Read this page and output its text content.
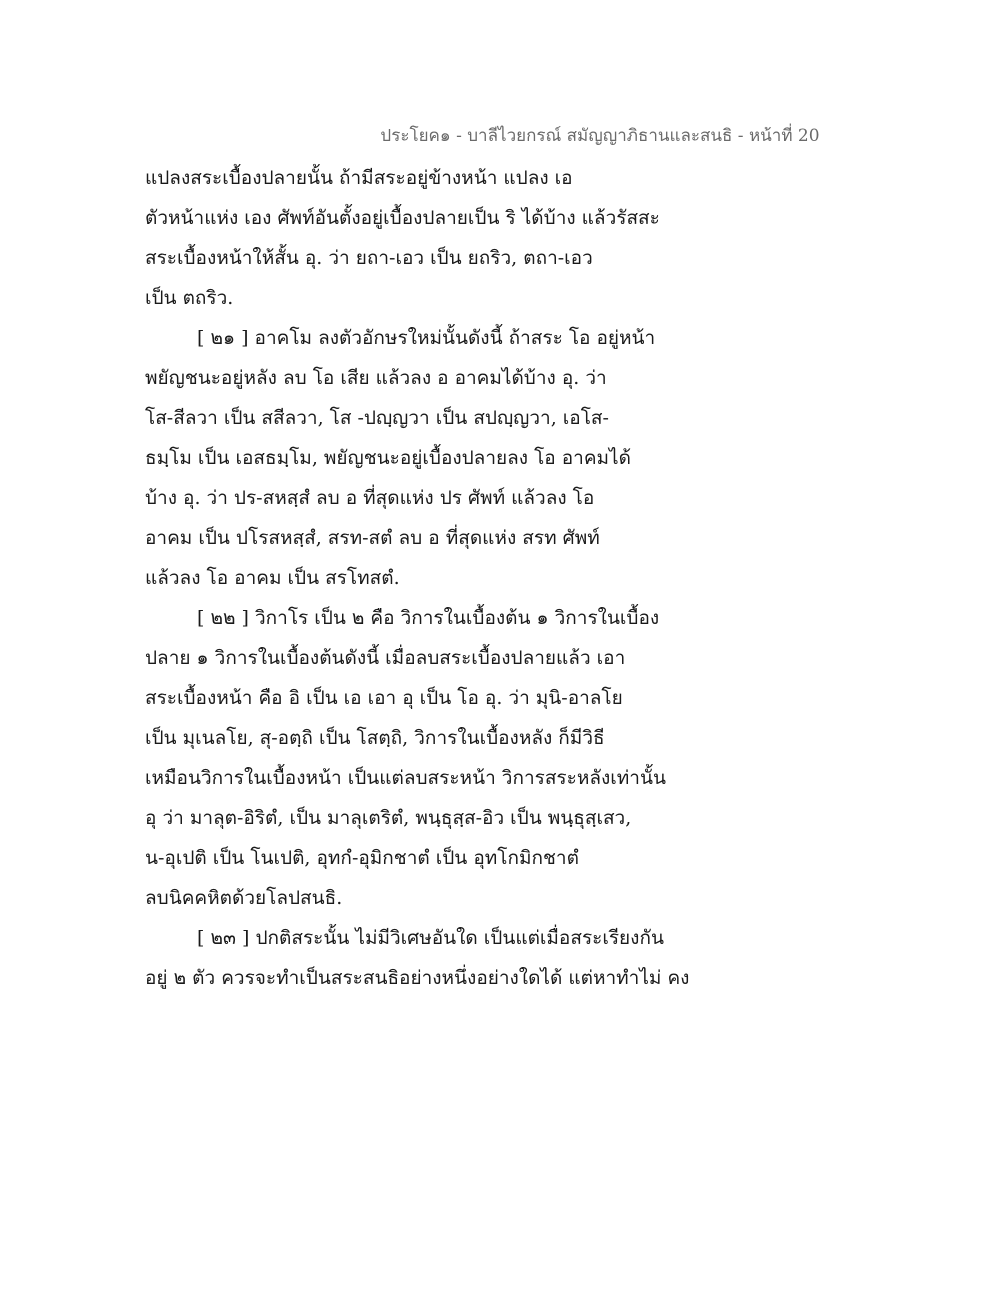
ประโยค๑ - บาลีไวยกรณ์ สมัญญาภิธานและสนธิ - หน้าที่ 20
แปลงสระเบื้องปลายนั้น ถ้ามีสระอยู่ข้างหน้า แปลง เอ
ตัวหน้าแห่ง เอง ศัพท์อันตั้งอยู่เบื้องปลายเป็น ริ ได้บ้าง แล้วรัสสะ
สระเบื้องหน้าให้สั้น อุ. ว่า ยถา-เอว เป็น ยถริว, ตถา-เอว
เป็น ตถริว.
[ ๒๑ ] อาคโม ลงตัวอักษรใหม่นั้นดังนี้ ถ้าสระ โอ อยู่หน้า
พยัญชนะอยู่หลัง ลบ โอ เสีย แล้วลง อ อาคมได้บ้าง อุ. ว่า
โส-สีลวา เป็น สสีลวา, โส -ปญฺญวา เป็น สปญฺญวา, เอโส-
ธมฺโม เป็น เอสธมฺโม, พยัญชนะอยู่เบื้องปลายลง โอ อาคมได้
บ้าง อุ. ว่า ปร-สหสฺสํ ลบ อ ที่สุดแห่ง ปร ศัพท์ แล้วลง โอ
อาคม เป็น ปโรสหสฺสํ, สรท-สตํ ลบ อ ที่สุดแห่ง สรท ศัพท์
แล้วลง โอ อาคม เป็น สรโทสตํ.
[ ๒๒ ] วิกาโร เป็น ๒ คือ วิการในเบื้องต้น ๑ วิการในเบื้อง
ปลาย ๑ วิการในเบื้องต้นดังนี้ เมื่อลบสระเบื้องปลายแล้ว เอา
สระเบื้องหน้า คือ อิ เป็น เอ เอา อุ เป็น โอ อุ. ว่า มุนิ-อาลโย
เป็น มุเนลโย, สุ-อตฺถิ เป็น โสตฺถิ, วิการในเบื้องหลัง ก็มีวิธี
เหมือนวิการในเบื้องหน้า เป็นแต่ลบสระหน้า วิการสระหลังเท่านั้น
อุ ว่า มาลุต-อิริตํ, เป็น มาลุเตริตํ, พนฺธุสฺส-อิว เป็น พนฺธุสฺเสว,
น-อุเปติ เป็น โนเปติ, อุทกํ-อุมิกชาตํ เป็น อุทโกมิกชาตํ
ลบนิคคหิตด้วยโลปสนธิ.
[ ๒๓ ] ปกติสระนั้น ไม่มีวิเศษอันใด เป็นแต่เมื่อสระเรียงกัน
อยู่ ๒ ตัว ควรจะทำเป็นสระสนธิอย่างหนึ่งอย่างใดได้ แต่หาทำไม่ คง
